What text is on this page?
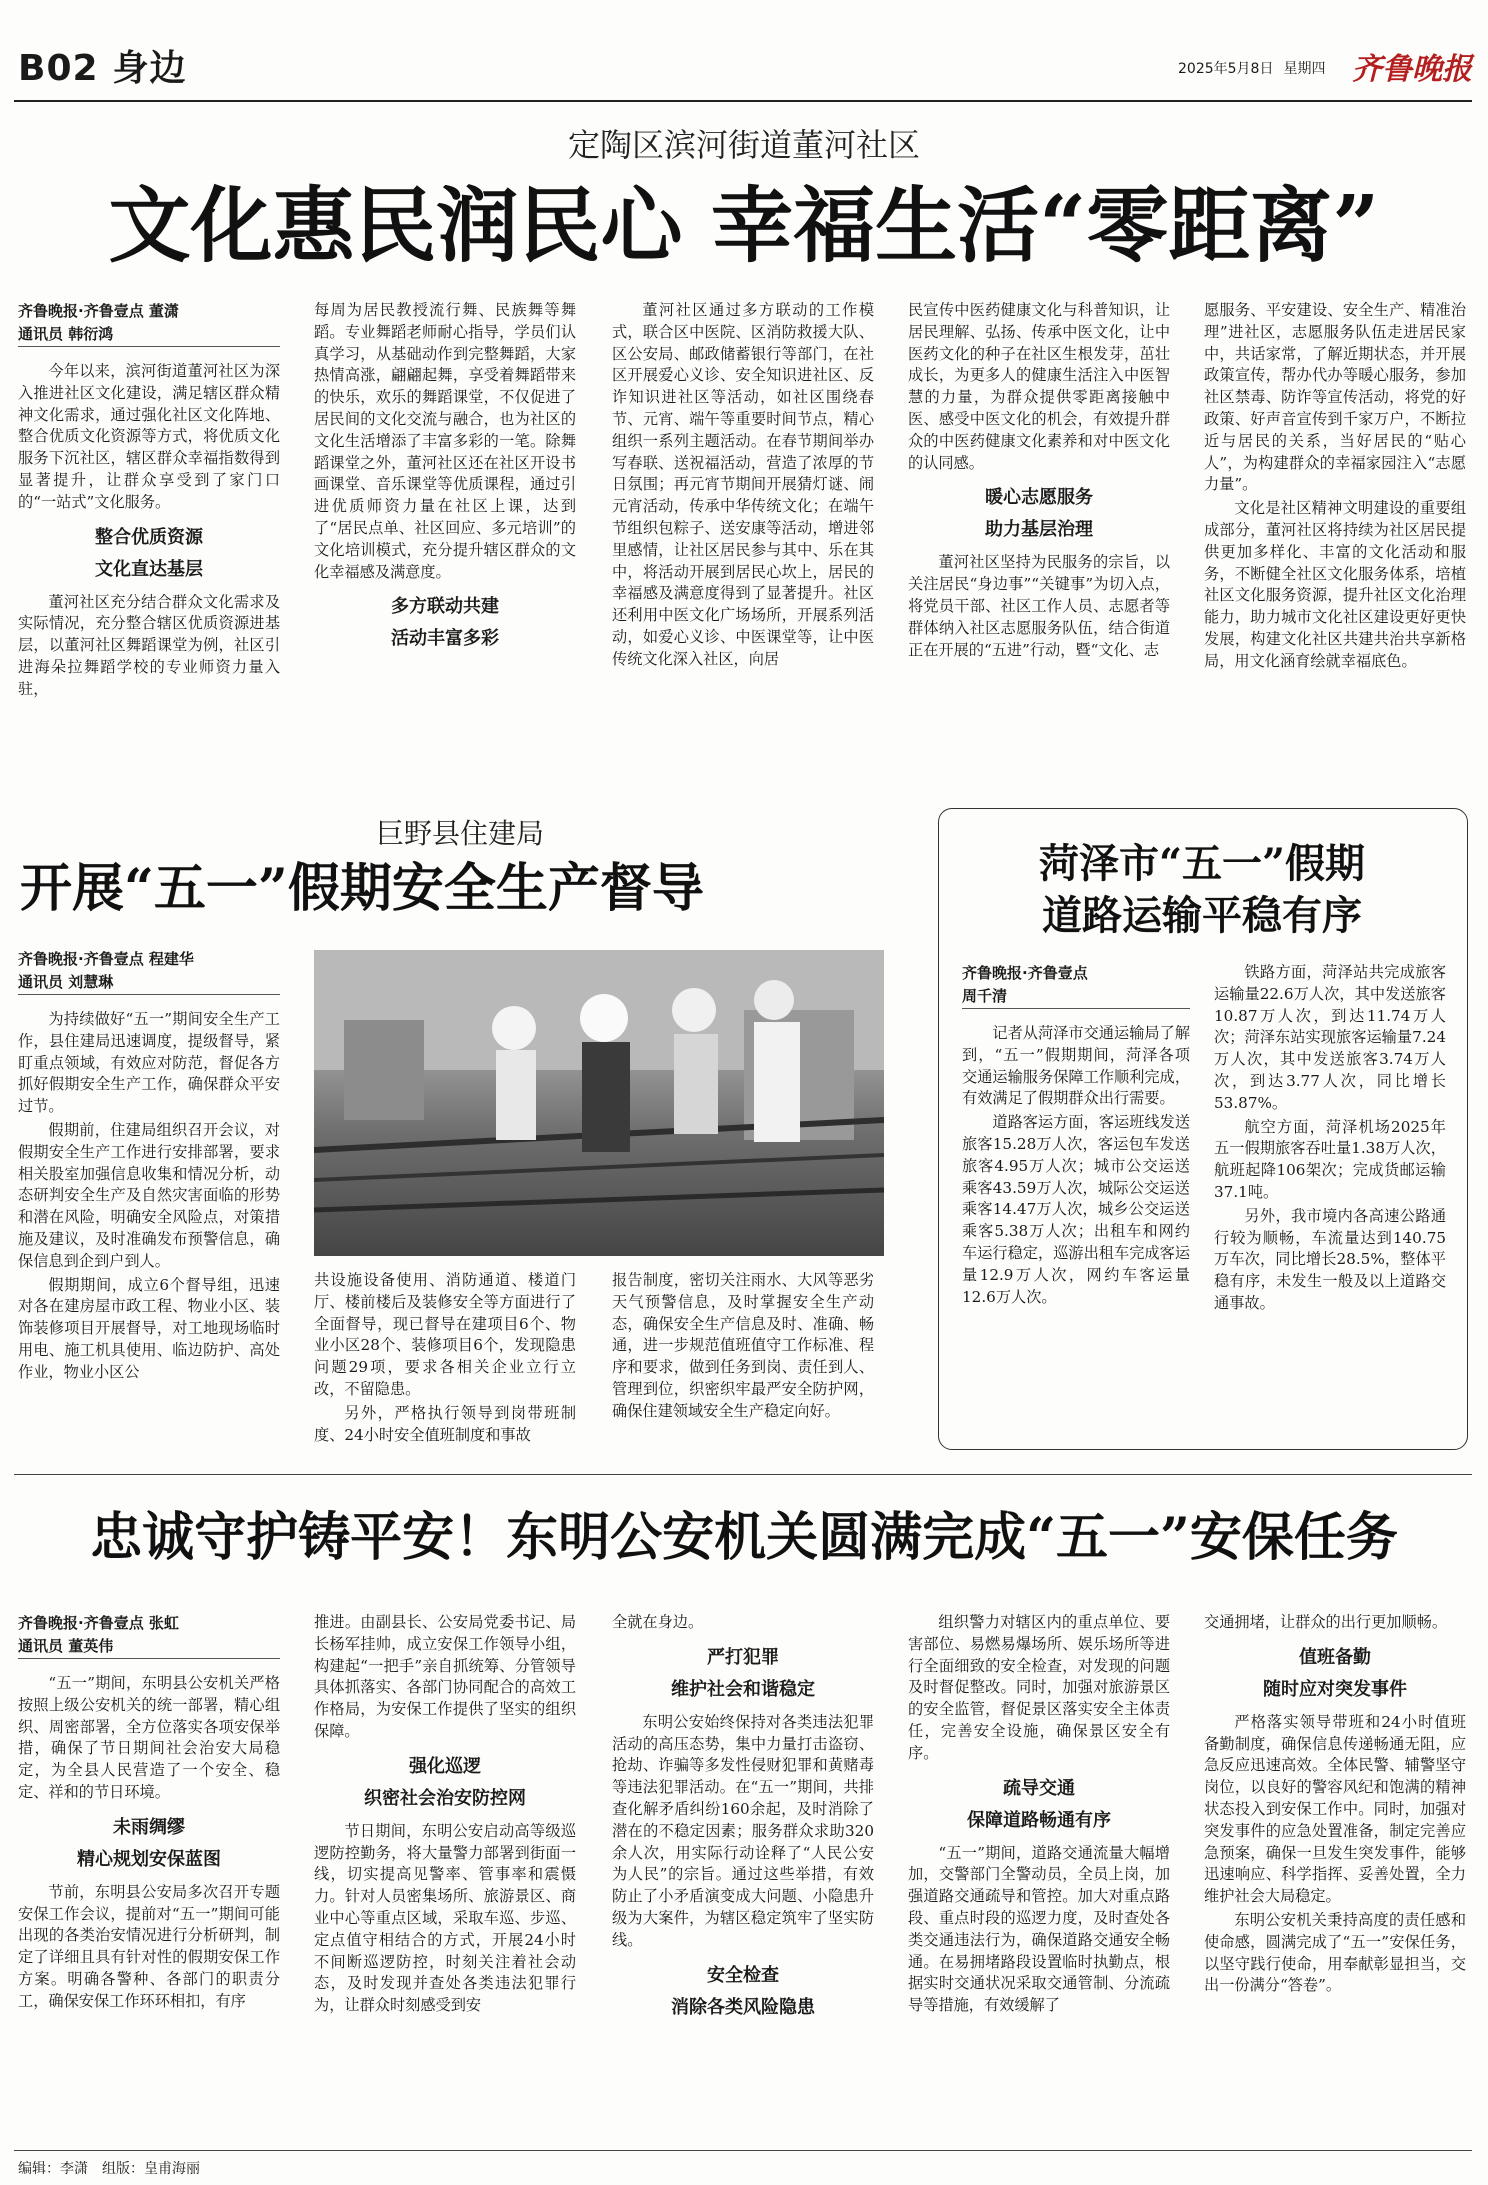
B02 身边	2025年5月8日 星期四 齐鲁晚报
定陶区滨河街道董河社区
文化惠民润民心 幸福生活“零距离”
齐鲁晚报·齐鲁壹点 董潇
通讯员 韩衍鸿

今年以来，滨河街道董河社区为深入推进社区文化建设，满足辖区群众精神文化需求，通过强化社区文化阵地、整合优质文化资源等方式，将优质文化服务下沉社区，辖区群众幸福指数得到显著提升，让群众享受到了家门口的“一站式”文化服务。

整合优质资源
文化直达基层

董河社区充分结合群众文化需求及实际情况，充分整合辖区优质资源进基层，以董河社区舞蹈课堂为例，社区引进海朵拉舞蹈学校的专业师资力量入驻，

每周为居民教授流行舞、民族舞等舞蹈。专业舞蹈老师耐心指导，学员们认真学习，从基础动作到完整舞蹈，大家热情高涨，翩翩起舞，享受着舞蹈带来的快乐，欢乐的舞蹈课堂，不仅促进了居民间的文化交流与融合，也为社区的文化生活增添了丰富多彩的一笔。除舞蹈课堂之外，董河社区还在社区开设书画课堂、音乐课堂等优质课程，通过引进优质师资力量在社区上课，达到了“居民点单、社区回应、多元培训”的文化培训模式，充分提升辖区群众的文化幸福感及满意度。

多方联动共建
活动丰富多彩

董河社区通过多方联动的工作模式，联合区中医院、区消防救援大队、区公安局、邮政储蓄银行等部门，在社区开展爱心义诊、安全知识进社区、反诈知识进社区等活动，如社区围绕春节、元宵、端午等重要时间节点，精心组织一系列主题活动。在春节期间举办写春联、送祝福活动，营造了浓厚的节日氛围；再元宵节期间开展猜灯谜、闹元宵活动，传承中华传统文化；在端午节组织包粽子、送安康等活动，增进邻里感情，让社区居民参与其中、乐在其中，将活动开展到居民心坎上，居民的幸福感及满意度得到了显著提升。社区还利用中医文化广场场所，开展系列活动，如爱心义诊、中医课堂等，让中医传统文化深入社区，向居

民宣传中医药健康文化与科普知识，让居民理解、弘扬、传承中医文化，让中医药文化的种子在社区生根发芽，茁壮成长，为更多人的健康生活注入中医智慧的力量，为群众提供零距离接触中医、感受中医文化的机会，有效提升群众的中医药健康文化素养和对中医文化的认同感。

暖心志愿服务
助力基层治理

董河社区坚持为民服务的宗旨，以关注居民“身边事”“关键事”为切入点，将党员干部、社区工作人员、志愿者等群体纳入社区志愿服务队伍，结合街道正在开展的“五进”行动，暨“文化、志

愿服务、平安建设、安全生产、精准治理”进社区，志愿服务队伍走进居民家中，共话家常，了解近期状态，并开展政策宣传，帮办代办等暖心服务，参加社区禁毒、防诈等宣传活动，将党的好政策、好声音宣传到千家万户，不断拉近与居民的关系，当好居民的“贴心人”，为构建群众的幸福家园注入“志愿力量”。

文化是社区精神文明建设的重要组成部分，董河社区将持续为社区居民提供更加多样化、丰富的文化活动和服务，不断健全社区文化服务体系，培植社区文化服务资源，提升社区文化治理能力，助力城市文化社区建设更好更快发展，构建文化社区共建共治共享新格局，用文化涵育绘就幸福底色。

巨野县住建局
开展“五一”假期安全生产督导
齐鲁晚报·齐鲁壹点 程建华
通讯员 刘慧琳

为持续做好“五一”期间安全生产工作，县住建局迅速调度，提级督导，紧盯重点领域，有效应对防范，督促各方抓好假期安全生产工作，确保群众平安过节。

假期前，住建局组织召开会议，对假期安全生产工作进行安排部署，要求相关股室加强信息收集和情况分析，动态研判安全生产及自然灾害面临的形势和潜在风险，明确安全风险点，对策措施及建议，及时准确发布预警信息，确保信息到企到户到人。

假期期间，成立6个督导组，迅速对各在建房屋市政工程、物业小区、装饰装修项目开展督导，对工地现场临时用电、施工机具使用、临边防护、高处作业，物业小区公

共设施设备使用、消防通道、楼道门厅、楼前楼后及装修安全等方面进行了全面督导，现已督导在建项目6个、物业小区28个、装修项目6个，发现隐患问题29项，要求各相关企业立行立改，不留隐患。

另外，严格执行领导到岗带班制度、24小时安全值班制度和事故

报告制度，密切关注雨水、大风等恶劣天气预警信息，及时掌握安全生产动态，确保安全生产信息及时、准确、畅通，进一步规范值班值守工作标准、程序和要求，做到任务到岗、责任到人、管理到位，织密织牢最严安全防护网，确保住建领域安全生产稳定向好。

菏泽市“五一”假期
道路运输平稳有序
齐鲁晚报·齐鲁壹点
周千清

记者从菏泽市交通运输局了解到，“五一”假期期间，菏泽各项交通运输服务保障工作顺利完成，有效满足了假期群众出行需要。

道路客运方面，客运班线发送旅客15.28万人次，客运包车发送旅客4.95万人次；城市公交运送乘客43.59万人次，城际公交运送乘客14.47万人次，城乡公交运送乘客5.38万人次；出租车和网约车运行稳定，巡游出租车完成客运量12.9万人次，网约车客运量12.6万人次。

铁路方面，菏泽站共完成旅客运输量22.6万人次，其中发送旅客10.87万人次，到达11.74万人次；菏泽东站实现旅客运输量7.24万人次，其中发送旅客3.74万人次，到达3.77人次，同比增长53.87%。

航空方面，菏泽机场2025年五一假期旅客吞吐量1.38万人次，航班起降106架次；完成货邮运输37.1吨。

另外，我市境内各高速公路通行较为顺畅，车流量达到140.75万车次，同比增长28.5%，整体平稳有序，未发生一般及以上道路交通事故。

忠诚守护铸平安！东明公安机关圆满完成“五一”安保任务
齐鲁晚报·齐鲁壹点 张虹
通讯员 董英伟

“五一”期间，东明县公安机关严格按照上级公安机关的统一部署，精心组织、周密部署，全方位落实各项安保举措，确保了节日期间社会治安大局稳定，为全县人民营造了一个安全、稳定、祥和的节日环境。

未雨绸缪
精心规划安保蓝图

节前，东明县公安局多次召开专题安保工作会议，提前对“五一”期间可能出现的各类治安情况进行分析研判，制定了详细且具有针对性的假期安保工作方案。明确各警种、各部门的职责分工，确保安保工作环环相扣，有序

推进。由副县长、公安局党委书记、局长杨军挂帅，成立安保工作领导小组，构建起“一把手”亲自抓统筹、分管领导具体抓落实、各部门协同配合的高效工作格局，为安保工作提供了坚实的组织保障。

强化巡逻
织密社会治安防控网

节日期间，东明公安启动高等级巡逻防控勤务，将大量警力部署到街面一线，切实提高见警率、管事率和震慑力。针对人员密集场所、旅游景区、商业中心等重点区域，采取车巡、步巡、定点值守相结合的方式，开展24小时不间断巡逻防控，时刻关注着社会动态，及时发现并查处各类违法犯罪行为，让群众时刻感受到安

全就在身边。

严打犯罪
维护社会和谐稳定

东明公安始终保持对各类违法犯罪活动的高压态势，集中力量打击盗窃、抢劫、诈骗等多发性侵财犯罪和黄赌毒等违法犯罪活动。在“五一”期间，共排查化解矛盾纠纷160余起，及时消除了潜在的不稳定因素；服务群众求助320余人次，用实际行动诠释了“人民公安为人民”的宗旨。通过这些举措，有效防止了小矛盾演变成大问题、小隐患升级为大案件，为辖区稳定筑牢了坚实防线。

安全检查
消除各类风险隐患

组织警力对辖区内的重点单位、要害部位、易燃易爆场所、娱乐场所等进行全面细致的安全检查，对发现的问题及时督促整改。同时，加强对旅游景区的安全监管，督促景区落实安全主体责任，完善安全设施，确保景区安全有序。

疏导交通
保障道路畅通有序

“五一”期间，道路交通流量大幅增加，交警部门全警动员，全员上岗，加强道路交通疏导和管控。加大对重点路段、重点时段的巡逻力度，及时查处各类交通违法行为，确保道路交通安全畅通。在易拥堵路段设置临时执勤点，根据实时交通状况采取交通管制、分流疏导等措施，有效缓解了

交通拥堵，让群众的出行更加顺畅。

值班备勤
随时应对突发事件

严格落实领导带班和24小时值班备勤制度，确保信息传递畅通无阻，应急反应迅速高效。全体民警、辅警坚守岗位，以良好的警容风纪和饱满的精神状态投入到安保工作中。同时，加强对突发事件的应急处置准备，制定完善应急预案，确保一旦发生突发事件，能够迅速响应、科学指挥、妥善处置，全力维护社会大局稳定。

东明公安机关秉持高度的责任感和使命感，圆满完成了“五一”安保任务，以坚守践行使命，用奉献彰显担当，交出一份满分“答卷”。

编辑：李潇　组版：皇甫海丽
